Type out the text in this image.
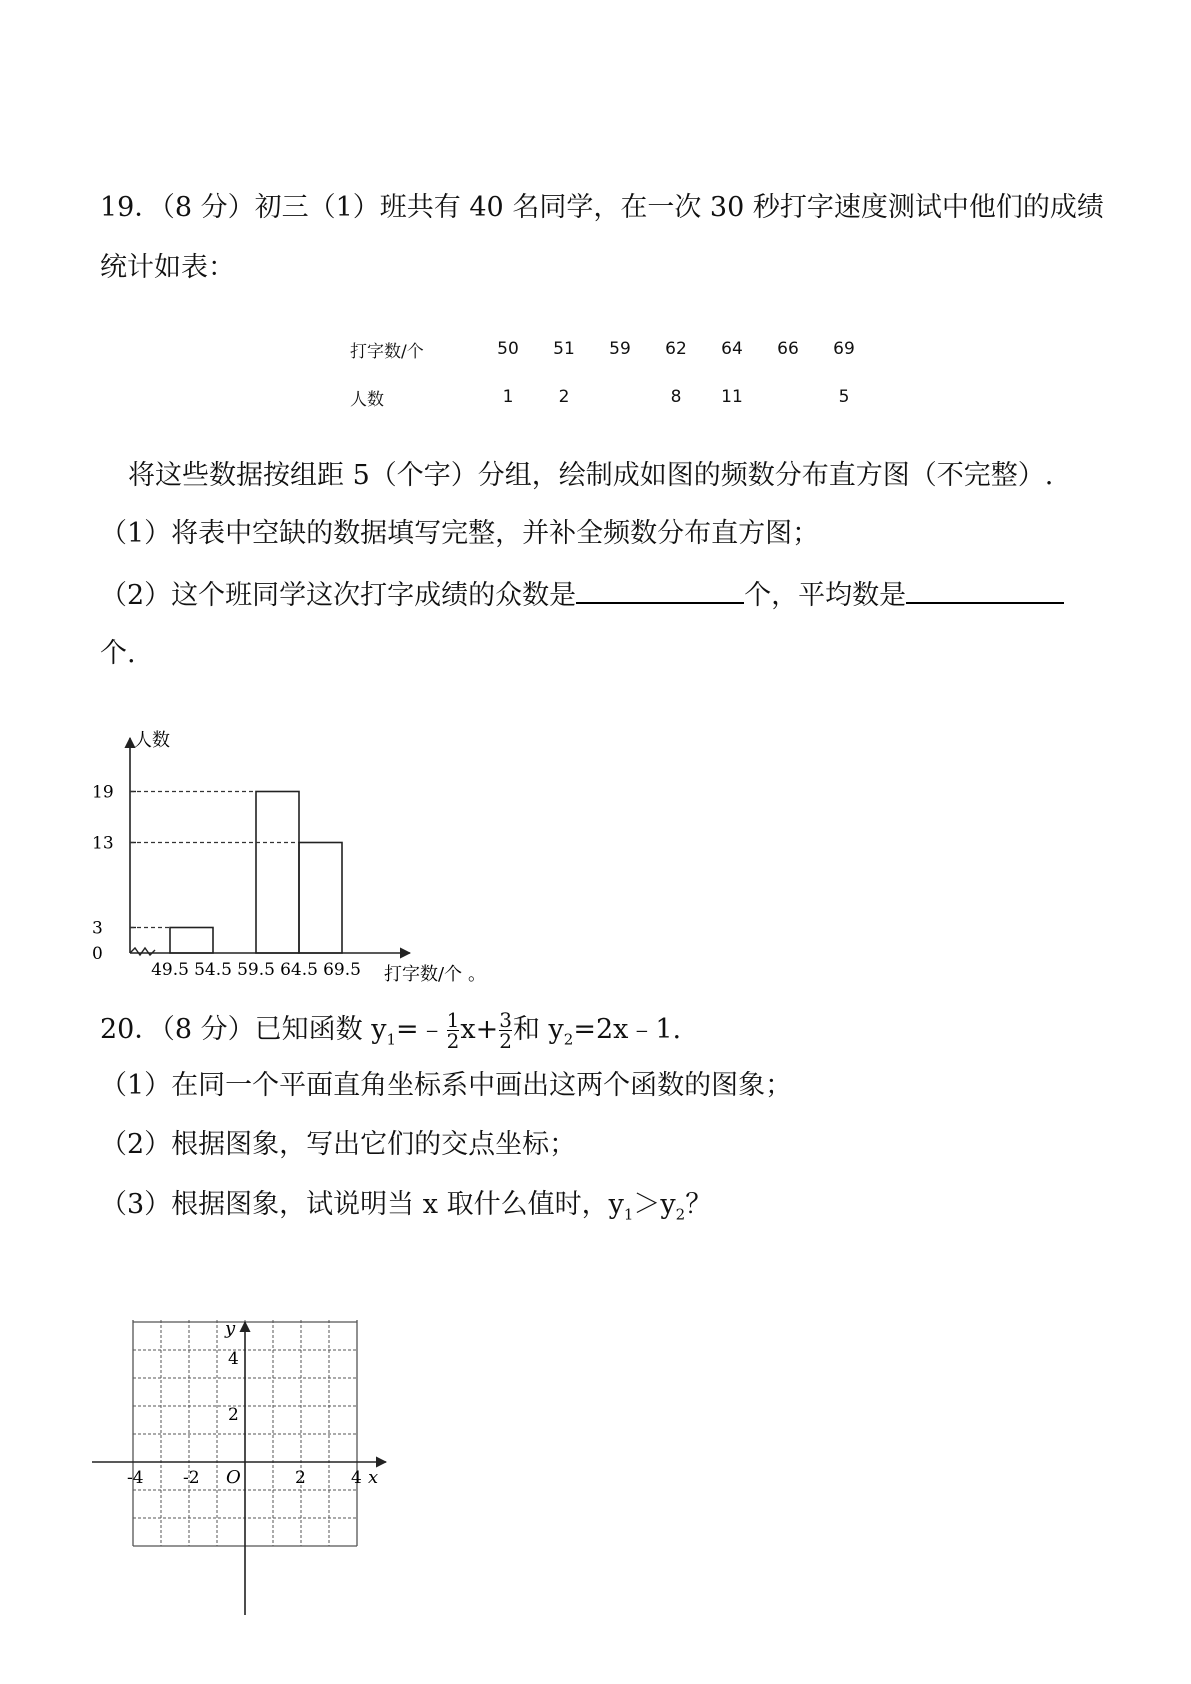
19．（8 分）初三（1）班共有 40 名同学，在一次 30 秒打字速度测试中他们的成绩
统计如表：
打字数/个	50	51	59	62	64	66	69
人数	1	2		8	11		5
将这些数据按组距 5（个字）分组，绘制成如图的频数分布直方图（不完整）.
（1）将表中空缺的数据填写完整，并补全频数分布直方图；
（2）这个班同学这次打字成绩的众数是	个，平均数是
个.
人数
打字数/个 。
0
3
13
19
49.5 54.5 59.5 64.5 69.5
20．（8 分）已知函数 $y_1=﹣ \frac{1}{2} x+ \frac{3}{2}$ 和 $y_2=2x﹣1$.
（1）在同一个平面直角坐标系中画出这两个函数的图象；
（2）根据图象，写出它们的交点坐标；
（3）根据图象，试说明当 x 取什么值时，$y_1>y_2$？
y
x
O
-4 -2	2	4
4
2
